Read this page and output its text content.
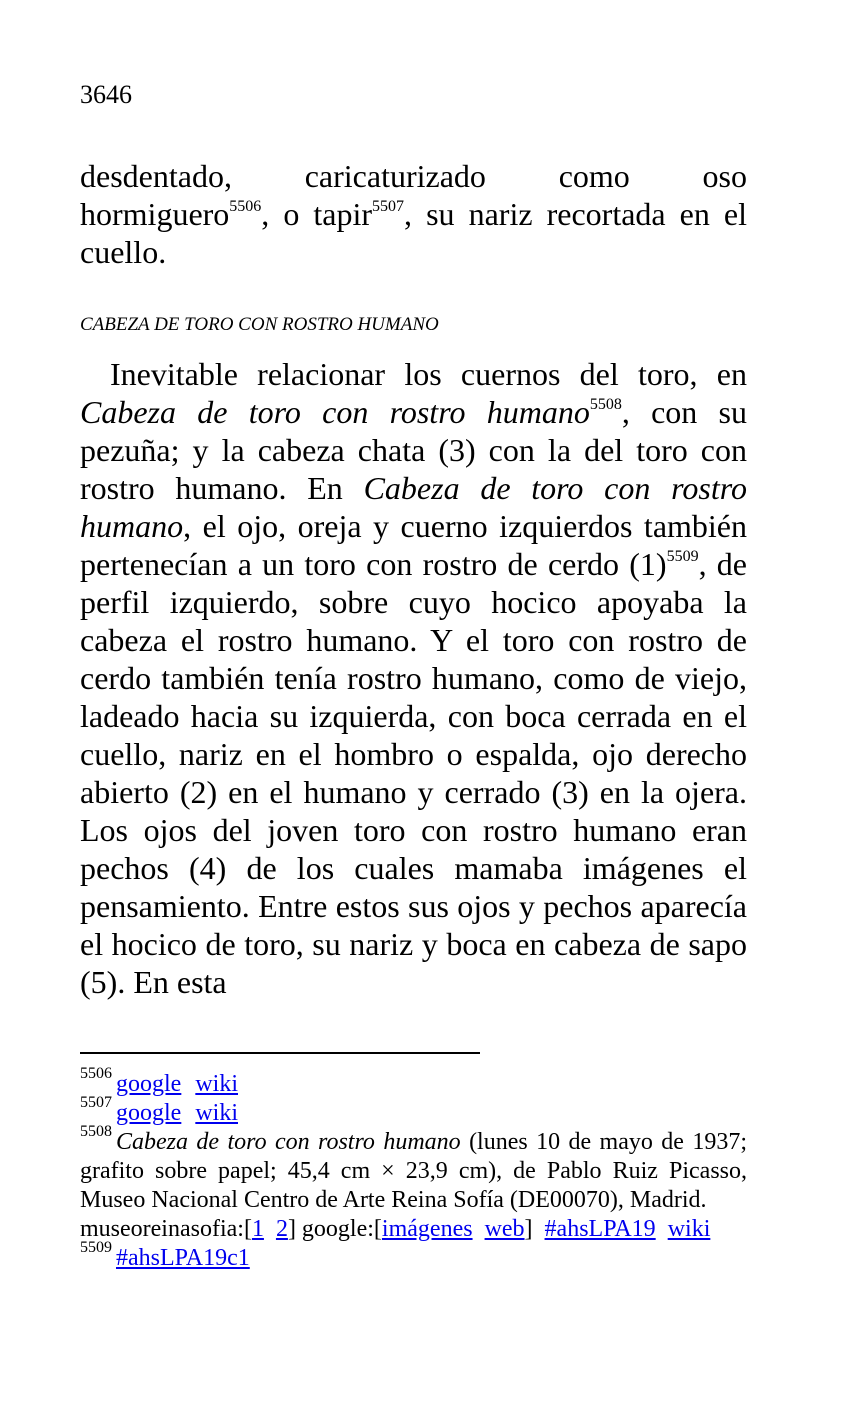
3646

desdentado, caricaturizado como oso hormiguero$^{5506}$, o tapir$^{5507}$, su nariz recortada en el cuello.

CABEZA DE TORO CON ROSTRO HUMANO

Inevitable relacionar los cuernos del toro, en Cabeza de toro con rostro humano$^{5508}$, con su pezuña; y la cabeza chata (3) con la del toro con rostro humano. En Cabeza de toro con rostro humano, el ojo, oreja y cuerno izquierdos también pertenecían a un toro con rostro de cerdo $(1)^{5509}$, de perfil izquierdo, sobre cuyo hocico apoyaba la cabeza el rostro humano. Y el toro con rostro de cerdo también tenía rostro humano, como de viejo, ladeado hacia su izquierda, con boca cerrada en el cuello, nariz en el hombro o espalda, ojo derecho abierto (2) en el humano y cerrado (3) en la ojera. Los ojos del joven toro con rostro humano eran pechos (4) de los cuales mamaba imágenes el pensamiento. Entre estos sus ojos y pechos aparecía el hocico de toro, su nariz y boca en cabeza de sapo (5). En esta

$^{5506}$ google wiki

$^{5507}$ google wiki

$^{5508}$ Cabeza de toro con rostro humano (lunes 10 de mayo de 1937; grafito sobre papel; 45,4 cm × 23,9 cm), de Pablo Ruiz Picasso, Museo Nacional Centro de Arte Reina Sofía (DE00070), Madrid.

museoreinasofia:[1 2] google:[imágenes web] #ahsLPA19 wiki

$^{5509}$ #ahsLPA19c1
